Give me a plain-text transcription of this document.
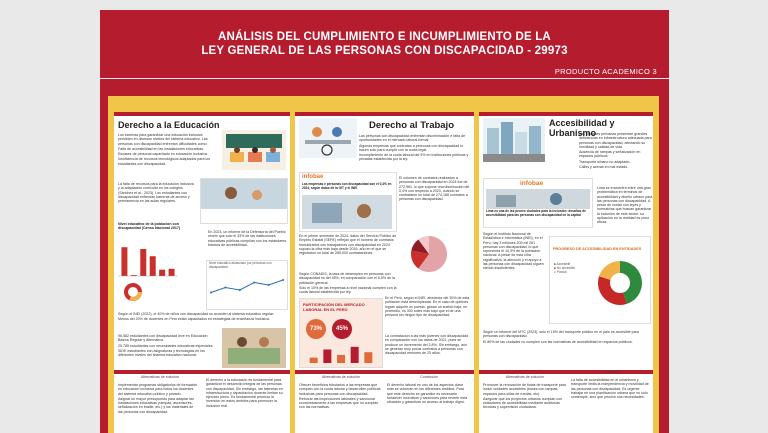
ANÁLISIS DEL CUMPLIMIENTO E INCUMPLIMIENTO DE LA
LEY GENERAL DE LAS PERSONAS CON DISCAPACIDAD - 29973
PRODUCTO ACADEMICO 3
Derecho a la Educación
Los barreras para garantizar una educación inclusiva persisten en diversos niveles del sistema educativo. Las personas con discapacidad enfrentan dificultades como:
Falta de accesibilidad en las instalaciones educativas.
Escasez de personal capacitado en educación inclusiva.
Insuficiencia de recursos tecnológicos adaptados para los estudiantes con discapacidad.
La falta de recursos para la educación inclusiva y la adaptación curricular en los colegios (Sánchez et al., 2023). Los estudiantes con discapacidad enfrentan barreras de acceso y permanencia en las aulas regulares.
Nivel educativo de la población con discapacidad (Censo Nacional 2017)
En 2023, un informe de la Defensoría del Pueblo reveló que solo el 33% de las instituciones educativas públicas cumplían con los estándares básicos de accesibilidad.
Nivel educativo alcanzado por personas con discapacidad
Según el INEI (2022), el 40% de niños con discapacidad no acceden al sistema educativo regular.
Menos del 20% de docentes en Perú están capacitados en estrategias de enseñanza inclusiva.
96,582 estudiantes con discapacidad leve en Educación Básica Regular y Alternativa.
25,785 estudiantes con necesidades educativas especiales.
SIDE estudiantes con asignaturas y tecnologías en los diferentes niveles del sistema educativo nacional.
Alternativas de solución
Conclusión
Implementar programas obligatorios de formación en educación inclusiva para todos los docentes del sistema educativo público y privado.
Asignar un mayor presupuesto para adaptar las instalaciones educativas (rampas, ascensores, señalización en braille, etc.) y los materiales de las personas con discapacidad.
El derecho a la educación es fundamental para garantizar el desarrollo integral de las personas con discapacidad. Sin embargo, las falencias en infraestructura y capacitación docente limitan su ejercicio pleno. Es fundamental priorizar la inversión en estos ámbitos para promover la inclusión real.
Derecho al Trabajo
Las personas con discapacidad enfrentan discriminación e falta de oportunidades en el mercado laboral formal.
Algunas empresas que contratan a personas con discapacidad lo hacen solo para cumplir con la cuota legal.
Incumplimiento de la cuota laboral del 5% en instituciones públicas y privadas establecida por la ley.
infobae
Las empresas e personas con discapacidad son el 0,4% en 2024, según datos de la OIT y el INEI
El volumen de contratos realizados a personas con discapacidad en 2024 fue de 272,981, lo que supone una disminución del 0,4% con respecto a 2023, cuando se contrataron un total de 274,168 contratos a personas con discapacidad.
En el primer semestre de 2024, datos del Servicio Público de Empleo Estatal (SEPE) reflejan que el número de contratos formalizados con trabajadores con discapacidad en 2024 supuso la cifra más baja desde 2016, año en el que se registraron un total de 285,000 contrataciones.
Según CONADIS, la tasa de desempleo en personas con discapacidad es del 45%, en comparación con el 6,5% de la población general.
Solo el 10% de las empresas a nivel nacional cumplen con la cuota laboral establecida por ley.
PARTICIPACIÓN DEL MERCADO LABORAL EN EL PERÚ
73%	45%
En el Perú, según el INEI, alrededor del 30% de esta población está desempleada. En el caso de quienes logran adquirir un puesto, ganan un sueldo bajo; en promedio, es 300 soles más bajo que el de una persona sin ningún tipo de discapacidad.
La contratación a las más jóvenes con discapacidad es comparación con los datos de 2021, pues se produce un incremento del 2,8%. Sin embargo, aún se generan muy pocos contratos a personas con discapacidad menores de 25 años.
Alternativas de solución	Conclusión
Ofrecer beneficios tributarios a las empresas que cumplan con la cuota laboral y desarrollen políticas inclusivas para personas con discapacidad.
Reforzar las inspecciones laborales y sancionar económicamente a las empresas que no cumplan con las normativas.
El derecho laboral es uno de los aspectos clave más se vulneran en los diferentes ámbitos. Para que este derecho se garantice es necesario fortalecer incentivos y sanciones para revertir esta situación y garantizar un acceso al trabajo digno.
Accesibilidad y Urbanismo
Las ciudades peruanas presentan grandes deficiencias en infraestructura adecuada para personas con discapacidad, afectando su movilidad y calidad de vida.
Ausencia de rampas y señalización en espacios públicos.
Transporte urbano no adaptado.
Calles y aceras en mal estado.
infobae
Lima es una de las peores ciudades para la inclusión: desafíos de accesibilidad para las personas con discapacidad en la capital
Lima se encuentra entre una gran problemática en términos de accesibilidad y diseño urbano para las personas con discapacidad. A pesar de contar con leyes y normativas que buscan garantizar la inclusión de este sector, su aplicación en la realidad es poco eficaz.
Según el Instituto Nacional de Estadística e Informática (INEI), en el Perú, hay 3 millones 209 mil 261 personas con discapacidad, lo que representa el 10,3% de la población nacional. A pesar de esta cifra significativa, la atención y el apoyo a las personas con discapacidad siguen siendo insuficientes.
PROGRESO DE ACCESIBILIDAD EN ENTIDADES
■ Accesible
■ No accesible
■ Parcial
Según un informe del MTC (2023), solo el 15% del transporte público en el país es accesible para personas con discapacidad.
El 80% de las ciudades no cumplen con las normativas de accesibilidad en espacios públicos.
Alternativas de solución
Conclusión
Promover la renovación de flotas de transporte para incluir unidades accesibles (buses con rampas, espacios para sillas de ruedas, etc).
Asegurar que los proyectos urbanos cumplan con estándares de accesibilidad mediante auditorías técnicas y supervisión ciudadana.
La falta de accesibilidad en el urbanismo y transporte limita la independencia y movilidad de las personas con discapacidad. Es urgente trabajar en una planificación urbana que no solo contemple, sino que priorice sus necesidades.
